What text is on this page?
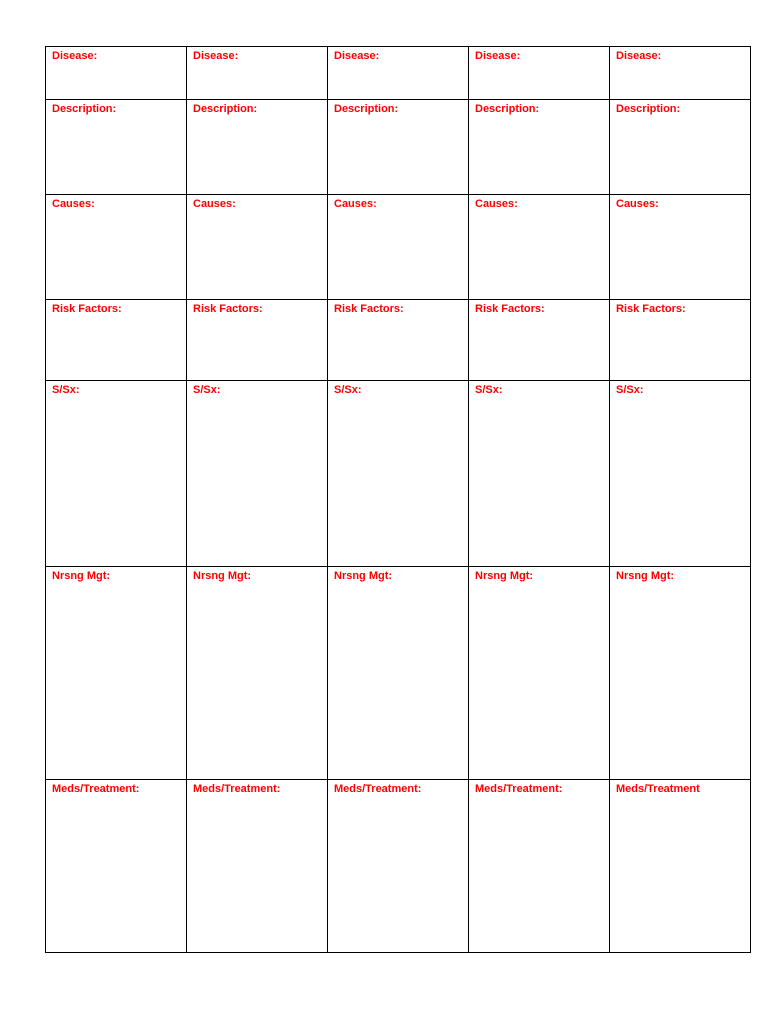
Disease:	Disease:	Disease:	Disease:	Disease:

Description:	Description:	Description:	Description:	Description:

Causes:	Causes:	Causes:	Causes:	Causes:

Risk Factors:	Risk Factors:	Risk Factors:	Risk Factors:	Risk Factors:

S/Sx:	S/Sx:	S/Sx:	S/Sx:	S/Sx:

Nrsng Mgt:	Nrsng Mgt:	Nrsng Mgt:	Nrsng Mgt:	Nrsng Mgt:

Meds/Treatment:	Meds/Treatment:	Meds/Treatment:	Meds/Treatment:	Meds/Treatment
